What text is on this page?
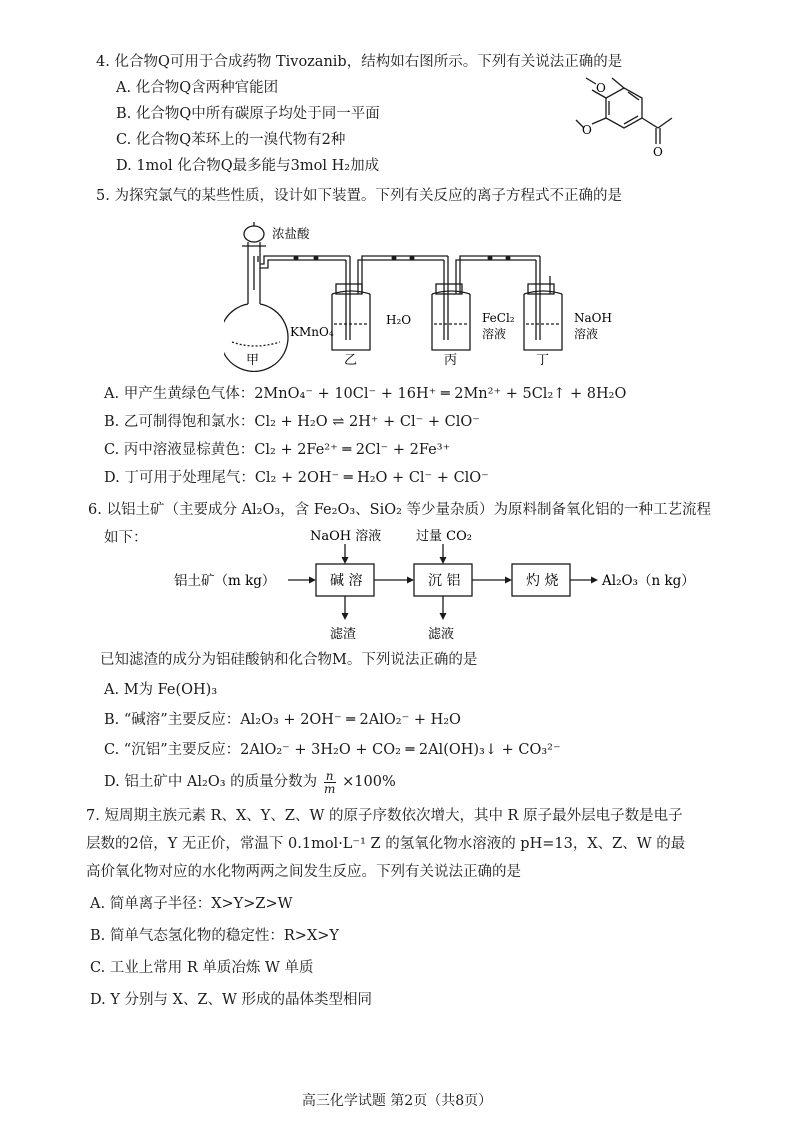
4. 化合物Q可用于合成药物 Tivozanib，结构如右图所示。下列有关说法正确的是
A. 化合物Q含两种官能团
B. 化合物Q中所有碳原子均处于同一平面
C. 化合物Q苯环上的一溴代物有2种
D. 1mol 化合物Q最多能与3mol H₂加成
O
O
O
5. 为探究氯气的某些性质，设计如下装置。下列有关反应的离子方程式不正确的是
浓盐酸
KMnO₄
H₂O	FeCl₂
溶液
NaOH
溶液
甲	乙	丙	丁
A. 甲产生黄绿色气体：2MnO₄⁻ + 10Cl⁻ + 16H⁺ ═ 2Mn²⁺ + 5Cl₂↑ + 8H₂O
B. 乙可制得饱和氯水：Cl₂ + H₂O ⇌ 2H⁺ + Cl⁻ + ClO⁻
C. 丙中溶液显棕黄色：Cl₂ + 2Fe²⁺ ═ 2Cl⁻ + 2Fe³⁺
D. 丁可用于处理尾气：Cl₂ + 2OH⁻ ═ H₂O + Cl⁻ + ClO⁻
6. 以铝土矿（主要成分 Al₂O₃，含 Fe₂O₃、SiO₂ 等少量杂质）为原料制备氧化铝的一种工艺流程
如下：
铝土矿（m kg）	碱 溶	沉 铝	灼 烧	Al₂O₃（n kg）
NaOH 溶液	过量 CO₂
滤渣	滤液
已知滤渣的成分为铝硅酸钠和化合物M。下列说法正确的是
A. M为 Fe(OH)₃
B. “碱溶”主要反应：Al₂O₃ + 2OH⁻ ═ 2AlO₂⁻ + H₂O
C. “沉铝”主要反应：2AlO₂⁻ + 3H₂O + CO₂ ═ 2Al(OH)₃↓ + CO₃²⁻
D. 铝土矿中 Al₂O₃ 的质量分数为 $\frac{n}{m} \times 100\%$
7. 短周期主族元素 R、X、Y、Z、W 的原子序数依次增大，其中 R 原子最外层电子数是电子
层数的2倍，Y 无正价，常温下 0.1mol·L⁻¹ Z 的氢氧化物水溶液的 pH=13，X、Z、W 的最
高价氧化物对应的水化物两两之间发生反应。下列有关说法正确的是
A. 简单离子半径：X>Y>Z>W
B. 简单气态氢化物的稳定性：R>X>Y
C. 工业上常用 R 单质冶炼 W 单质
D. Y 分别与 X、Z、W 形成的晶体类型相同
高三化学试题 第2页（共8页）
